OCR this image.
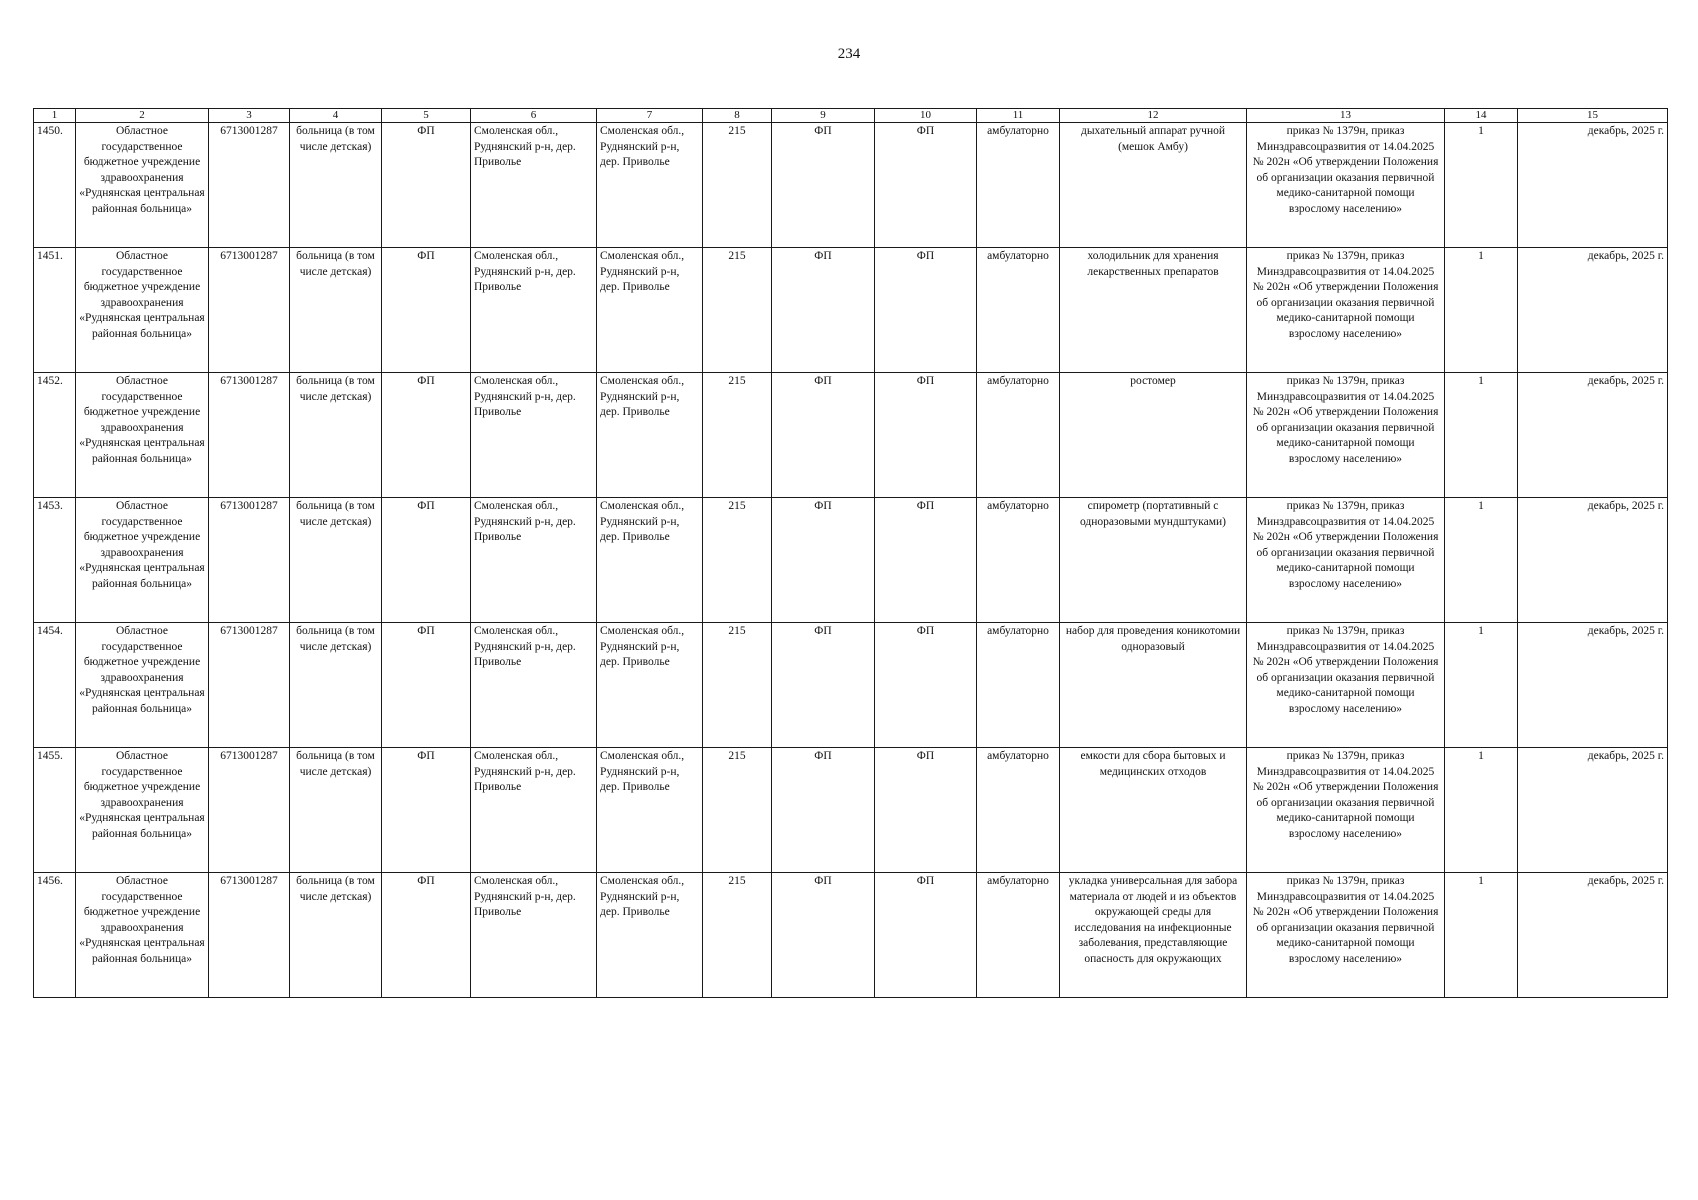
234
1	2	3	4	5	6	7	8	9	10	11	12	13	14	15
1450.	Областное государственное бюджетное учреждение здравоохранения «Руднянская центральная районная больница»	6713001287	больница (в том числе детская)	ФП	Смоленская обл., Руднянский р-н, дер. Приволье	Смоленская обл., Руднянский р-н, дер. Приволье	215	ФП	ФП	амбулаторно	дыхательный аппарат ручной (мешок Амбу)	приказ № 1379н, приказ Минздравсоцразвития от 14.04.2025 № 202н «Об утверждении Положения об организации оказания первичной медико-санитарной помощи взрослому населению»	1	декабрь, 2025 г.
1451.	Областное государственное бюджетное учреждение здравоохранения «Руднянская центральная районная больница»	6713001287	больница (в том числе детская)	ФП	Смоленская обл., Руднянский р-н, дер. Приволье	Смоленская обл., Руднянский р-н, дер. Приволье	215	ФП	ФП	амбулаторно	холодильник для хранения лекарственных препаратов	приказ № 1379н, приказ Минздравсоцразвития от 14.04.2025 № 202н «Об утверждении Положения об организации оказания первичной медико-санитарной помощи взрослому населению»	1	декабрь, 2025 г.
1452.	Областное государственное бюджетное учреждение здравоохранения «Руднянская центральная районная больница»	6713001287	больница (в том числе детская)	ФП	Смоленская обл., Руднянский р-н, дер. Приволье	Смоленская обл., Руднянский р-н, дер. Приволье	215	ФП	ФП	амбулаторно	ростомер	приказ № 1379н, приказ Минздравсоцразвития от 14.04.2025 № 202н «Об утверждении Положения об организации оказания первичной медико-санитарной помощи взрослому населению»	1	декабрь, 2025 г.
1453.	Областное государственное бюджетное учреждение здравоохранения «Руднянская центральная районная больница»	6713001287	больница (в том числе детская)	ФП	Смоленская обл., Руднянский р-н, дер. Приволье	Смоленская обл., Руднянский р-н, дер. Приволье	215	ФП	ФП	амбулаторно	спирометр (портативный с одноразовыми мундштуками)	приказ № 1379н, приказ Минздравсоцразвития от 14.04.2025 № 202н «Об утверждении Положения об организации оказания первичной медико-санитарной помощи взрослому населению»	1	декабрь, 2025 г.
1454.	Областное государственное бюджетное учреждение здравоохранения «Руднянская центральная районная больница»	6713001287	больница (в том числе детская)	ФП	Смоленская обл., Руднянский р-н, дер. Приволье	Смоленская обл., Руднянский р-н, дер. Приволье	215	ФП	ФП	амбулаторно	набор для проведения коникотомии одноразовый	приказ № 1379н, приказ Минздравсоцразвития от 14.04.2025 № 202н «Об утверждении Положения об организации оказания первичной медико-санитарной помощи взрослому населению»	1	декабрь, 2025 г.
1455.	Областное государственное бюджетное учреждение здравоохранения «Руднянская центральная районная больница»	6713001287	больница (в том числе детская)	ФП	Смоленская обл., Руднянский р-н, дер. Приволье	Смоленская обл., Руднянский р-н, дер. Приволье	215	ФП	ФП	амбулаторно	емкости для сбора бытовых и медицинских отходов	приказ № 1379н, приказ Минздравсоцразвития от 14.04.2025 № 202н «Об утверждении Положения об организации оказания первичной медико-санитарной помощи взрослому населению»	1	декабрь, 2025 г.
1456.	Областное государственное бюджетное учреждение здравоохранения «Руднянская центральная районная больница»	6713001287	больница (в том числе детская)	ФП	Смоленская обл., Руднянский р-н, дер. Приволье	Смоленская обл., Руднянский р-н, дер. Приволье	215	ФП	ФП	амбулаторно	укладка универсальная для забора материала от людей и из объектов окружающей среды для исследования на инфекционные заболевания, представляющие опасность для окружающих	приказ № 1379н, приказ Минздравсоцразвития от 14.04.2025 № 202н «Об утверждении Положения об организации оказания первичной медико-санитарной помощи взрослому населению»	1	декабрь, 2025 г.
